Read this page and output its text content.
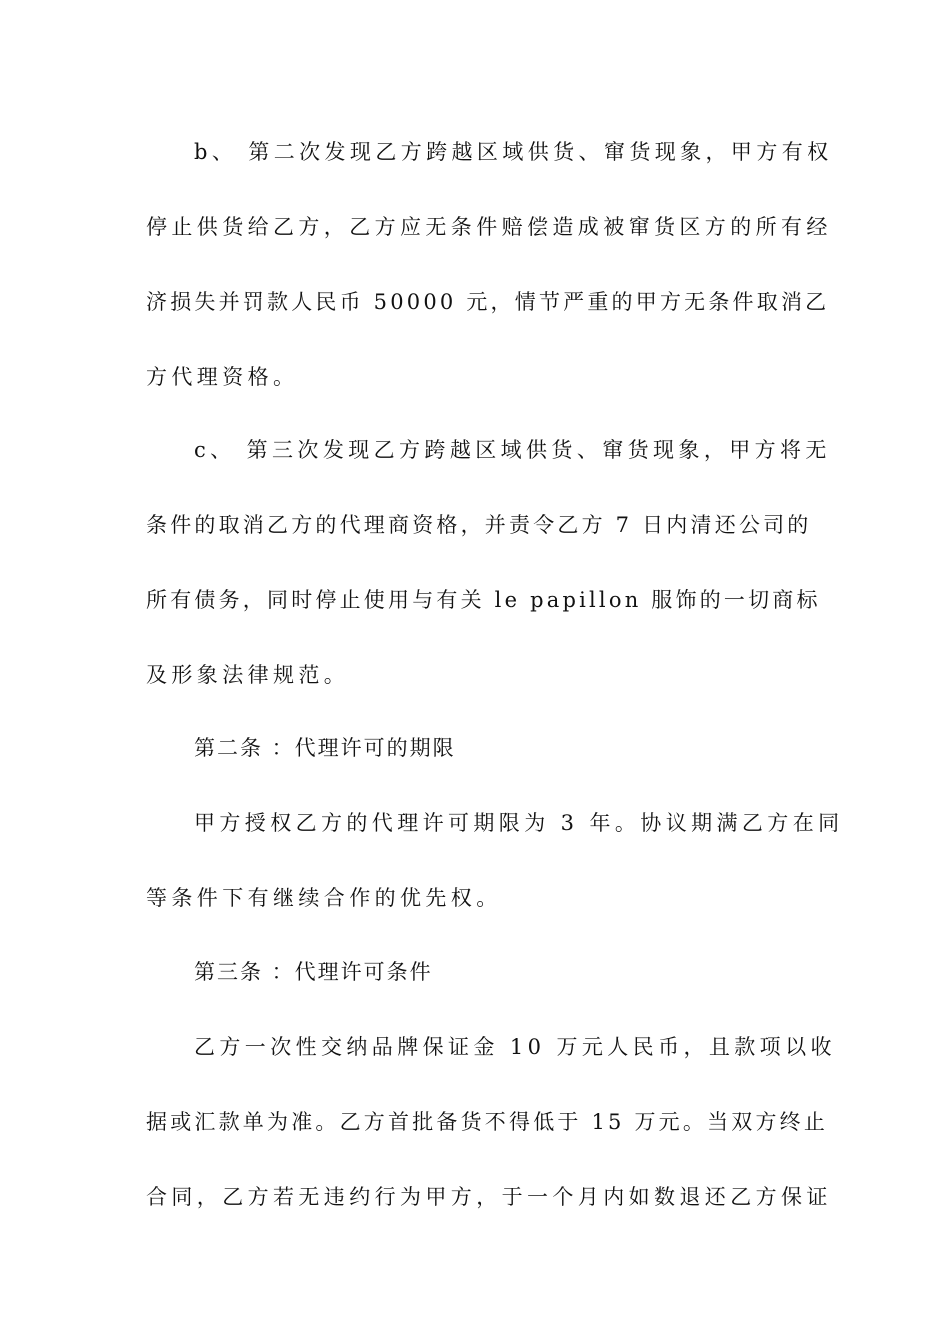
b、 第二次发现乙方跨越区域供货、窜货现象，甲方有权
停止供货给乙方，乙方应无条件赔偿造成被窜货区方的所有经
济损失并罚款人民币 50000 元，情节严重的甲方无条件取消乙
方代理资格。
c、 第三次发现乙方跨越区域供货、窜货现象，甲方将无
条件的取消乙方的代理商资格，并责令乙方 7 日内清还公司的
所有债务，同时停止使用与有关 le papillon 服饰的一切商标
及形象法律规范。
第二条 ：代理许可的期限
甲方授权乙方的代理许可期限为 3 年。协议期满乙方在同
等条件下有继续合作的优先权。
第三条 ：代理许可条件
乙方一次性交纳品牌保证金 10 万元人民币，且款项以收
据或汇款单为准。乙方首批备货不得低于 15 万元。当双方终止
合同，乙方若无违约行为甲方，于一个月内如数退还乙方保证
